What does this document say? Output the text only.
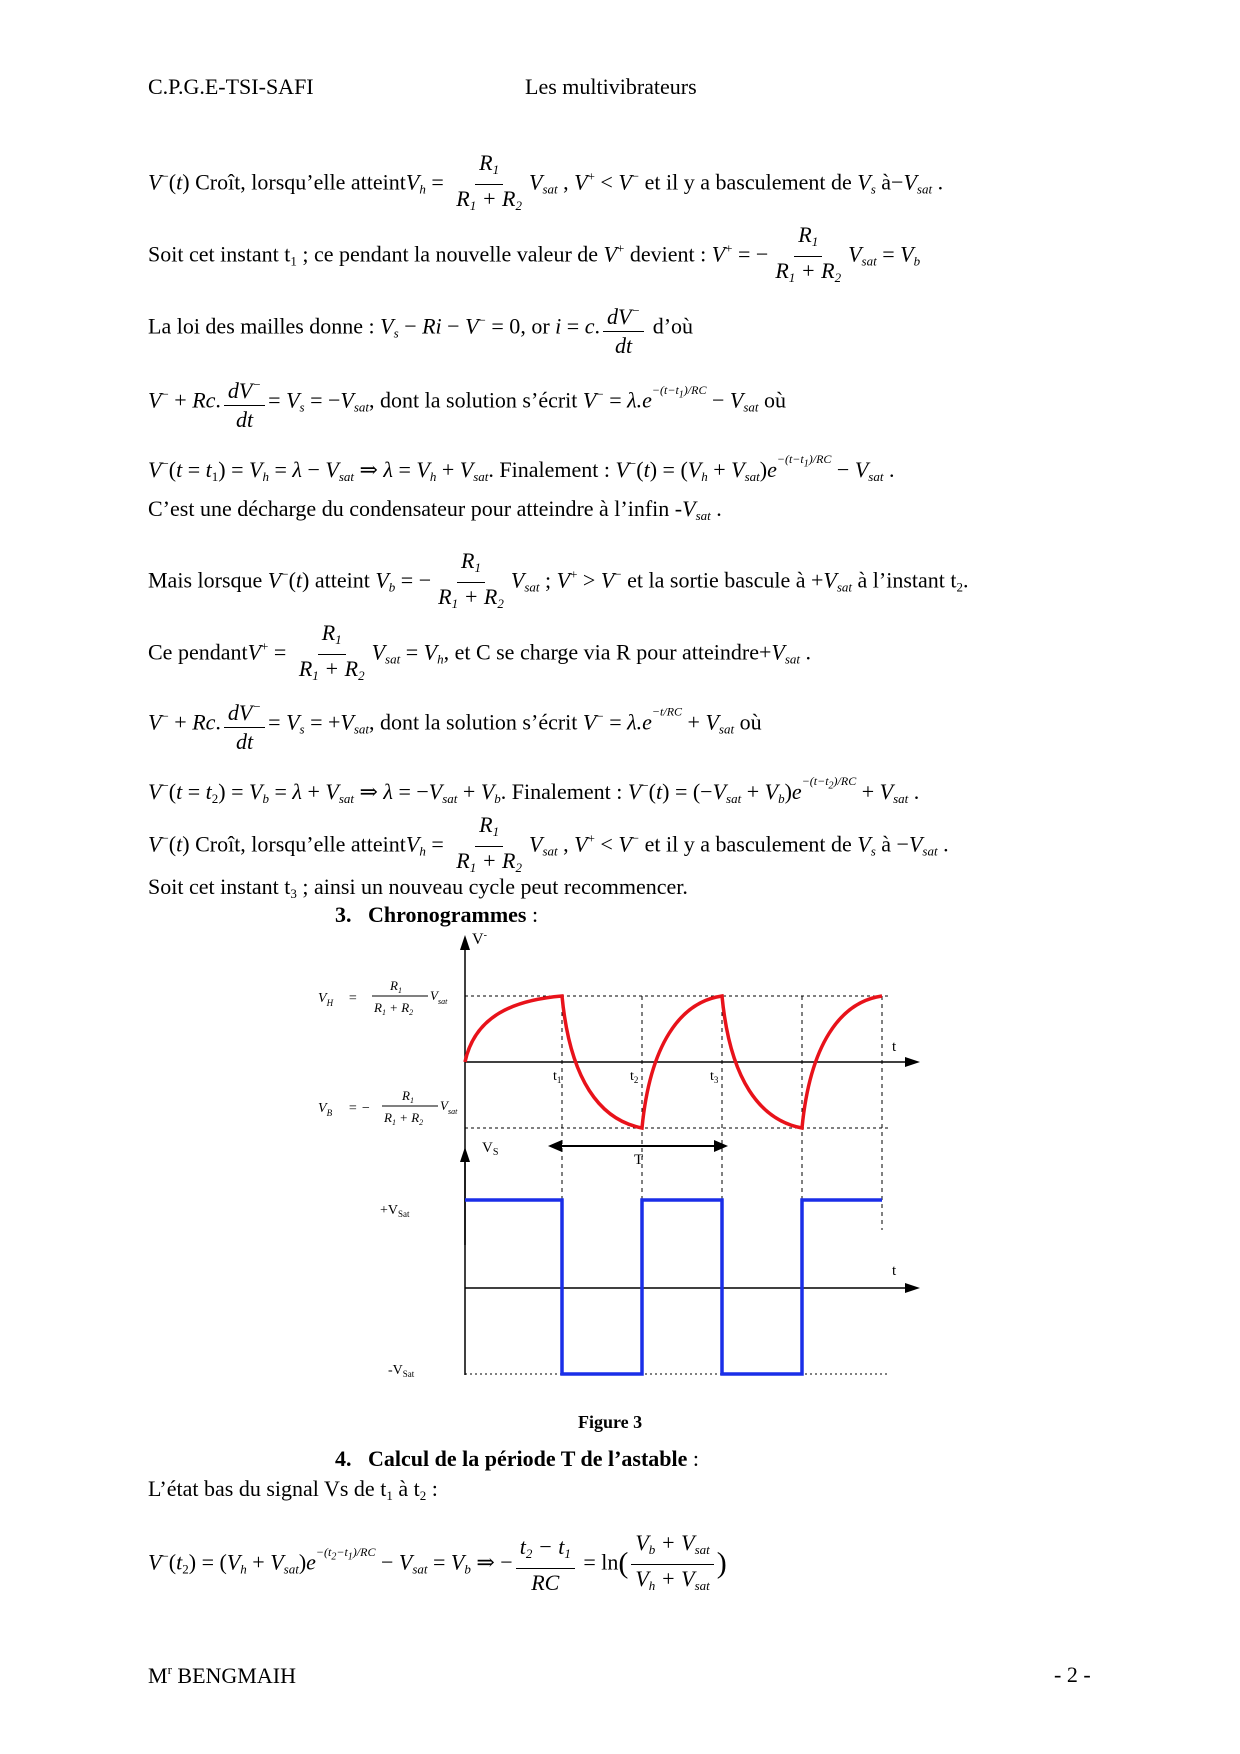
C.P.G.E-TSI-SAFI	Les multivibrateurs
V−(t) Croît, lorsqu’elle atteintV$_h$ = $\frac{R1}{R1 + R2} V_{sat}$ , V+ < V− et il y a basculement de $V_s$ $à-V_{sat}$ .
Soit cet instant t1 ; ce pendant la nouvelle valeur de V+ devient : V+ = − $\frac{R1}{R1 + R2} V_{sat} = V_b$
La loi des mailles donne : $V_s - Ri - V^- = 0$, or i = c. $\frac{dV^-}{dt}$ d’où
V− + Rc. $\frac{dV^-}{dt} = V_s = -V_{sat}$, dont la solution s’écrit $V^- = \lambda.e^{-(t-t_1)/RC} - V_{sat}$ où
$V^-(t = t1) = V_h = \lambda - V_{sat}$ ⇒ $\lambda = V_h + V_{sat}$. Finalement : $V^-(t) = (V_h + V_{sat})e^{-(t-t_1)/RC} - V_{sat}$ .
C’est une décharge du condensateur pour atteindre à l’infin $-V_{sat}$ .
Mais lorsque V−(t) atteint $V_b$ = − $\frac{R1}{R1 + R2} V_{sat}$ ; V+ > V− et la sortie bascule à $+V_{sat}$ à l’instant t2.
Ce pendantV+ = $\frac{R1}{R1 + R2} V_{sat} = V_h$, et C se charge via R pour $atteindre+V_{sat}$ .
V− + Rc. $\frac{dV^-}{dt} = V_s = +V_{sat}$, dont la solution s’écrit $V^- = \lambda.e^{-t/RC} + V_{sat}$ où
$V^-(t = t2) = V_b = \lambda + V_{sat}$ ⇒ $\lambda = -V_{sat} + V_b$. Finalement : $V^-(t) = (-V_{sat} + V_b)e^{-(t-t_2)/RC} + V_{sat}$ .
V−(t) Croît, lorsqu’elle atteintV$_h$ = $\frac{R1}{R1 + R2} V_{sat}$ , V+ < V− et il y a basculement de $V_s$ à $-V_{sat}$ .
Soit cet instant t3 ; ainsi un nouveau cycle peut recommencer.
3. Chronogrammes :
V-
t
$V_H$ =
$R_1$
$R_1 + R_2$
$V_{sat}$
$V_B$ = −
$R_1$
$R_1 + R_2$
$V_{sat}$
$t_1$	$t_2$	$t_3$
T
$V_S$
t
$+V_{Sat}$
$-V_{Sat}$
Figure 3
4. Calcul de la période T de l’astable :
L’état bas du signal Vs de t1 à t2 :
$V^-(t2) = (V_h + V_{sat})e^{-(t_2-t_1)/RC} - V_{sat} = V_b$ ⇒ − $\frac{t2 - t1}{RC} = \ln( \frac{V_b + V_{sat}}{V_h + V_{sat}}$ )
$M^r$ BENGMAIH	- 2 -
